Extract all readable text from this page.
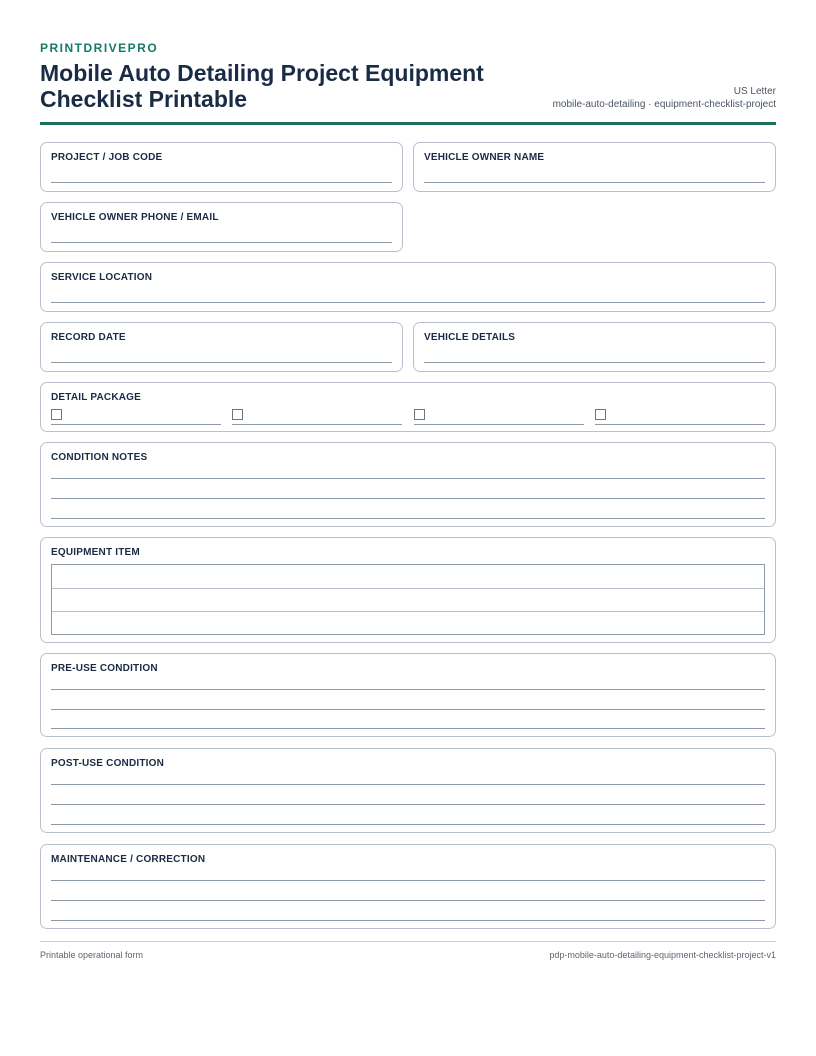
PRINTDRIVEPRO
Mobile Auto Detailing Project Equipment Checklist Printable	US Letter
mobile-auto-detailing · equipment-checklist-project
PROJECT / JOB CODE	VEHICLE OWNER NAME
VEHICLE OWNER PHONE / EMAIL
SERVICE LOCATION
RECORD DATE	VEHICLE DETAILS
DETAIL PACKAGE
CONDITION NOTES
EQUIPMENT ITEM
PRE-USE CONDITION
POST-USE CONDITION
MAINTENANCE / CORRECTION
Printable operational form	pdp-mobile-auto-detailing-equipment-checklist-project-v1
